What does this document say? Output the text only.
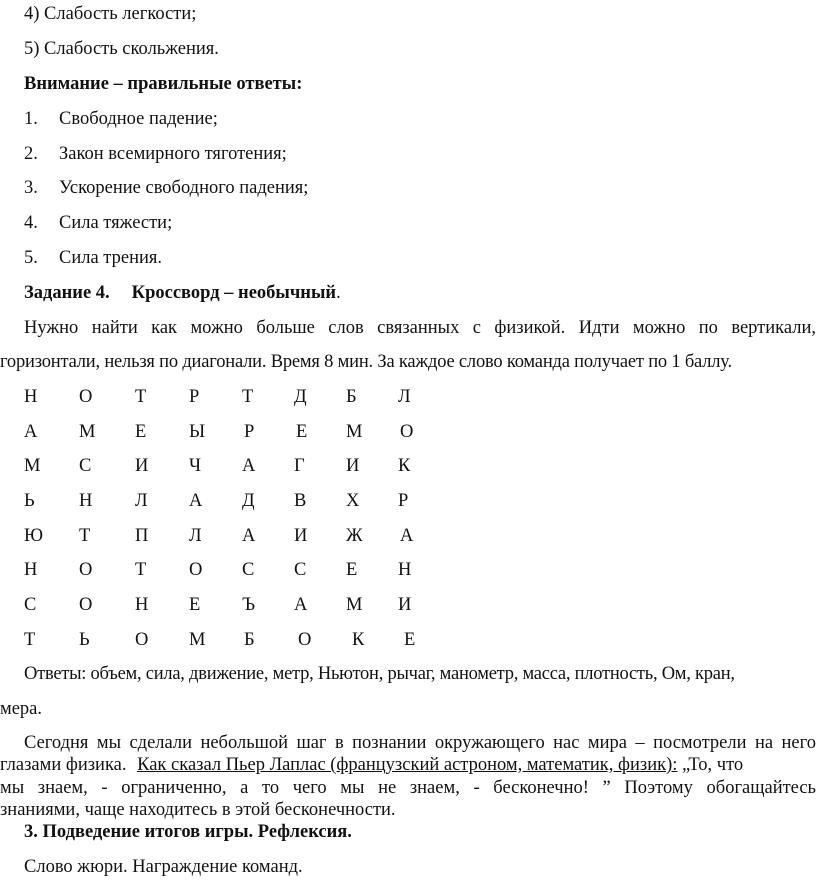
4) Слабость легкости;
5) Слабость скольжения.
Внимание – правильные ответы:
1. Свободное падение;
2. Закон всемирного тяготения;
3. Ускорение свободного падения;
4. Сила тяжести;
5. Сила трения.
Задание 4. Кроссворд – необычный.
Нужно найти как можно больше слов связанных с физикой. Идти можно по вертикали,
горизонтали, нельзя по диагонали. Время 8 мин. За каждое слово команда получает по 1 баллу.
Н О Т Р Т Д Б Л
А М Е Ы Р Е М О
М С И Ч А Г И К
Ь Н Л А Д В Х Р
Ю Т П Л А И Ж А
Н О Т О С С Е Н
С О Н Е Ъ А М И
Т Ь О М Б О К Е
Ответы: объем, сила, движение, метр, Ньютон, рычаг, манометр, масса, плотность, Ом, кран,
мера.
Сегодня мы сделали небольшой шаг в познании окружающего нас мира – посмотрели на него
глазами физика. Как сказал Пьер Лаплас (французский астроном, математик, физик): „То, что
мы знаем, - ограниченно, а то чего мы не знаем, - бесконечно! ” Поэтому обогащайтесь
знаниями, чаще находитесь в этой бесконечности.
3. Подведение итогов игры. Рефлексия.
Слово жюри. Награждение команд.
